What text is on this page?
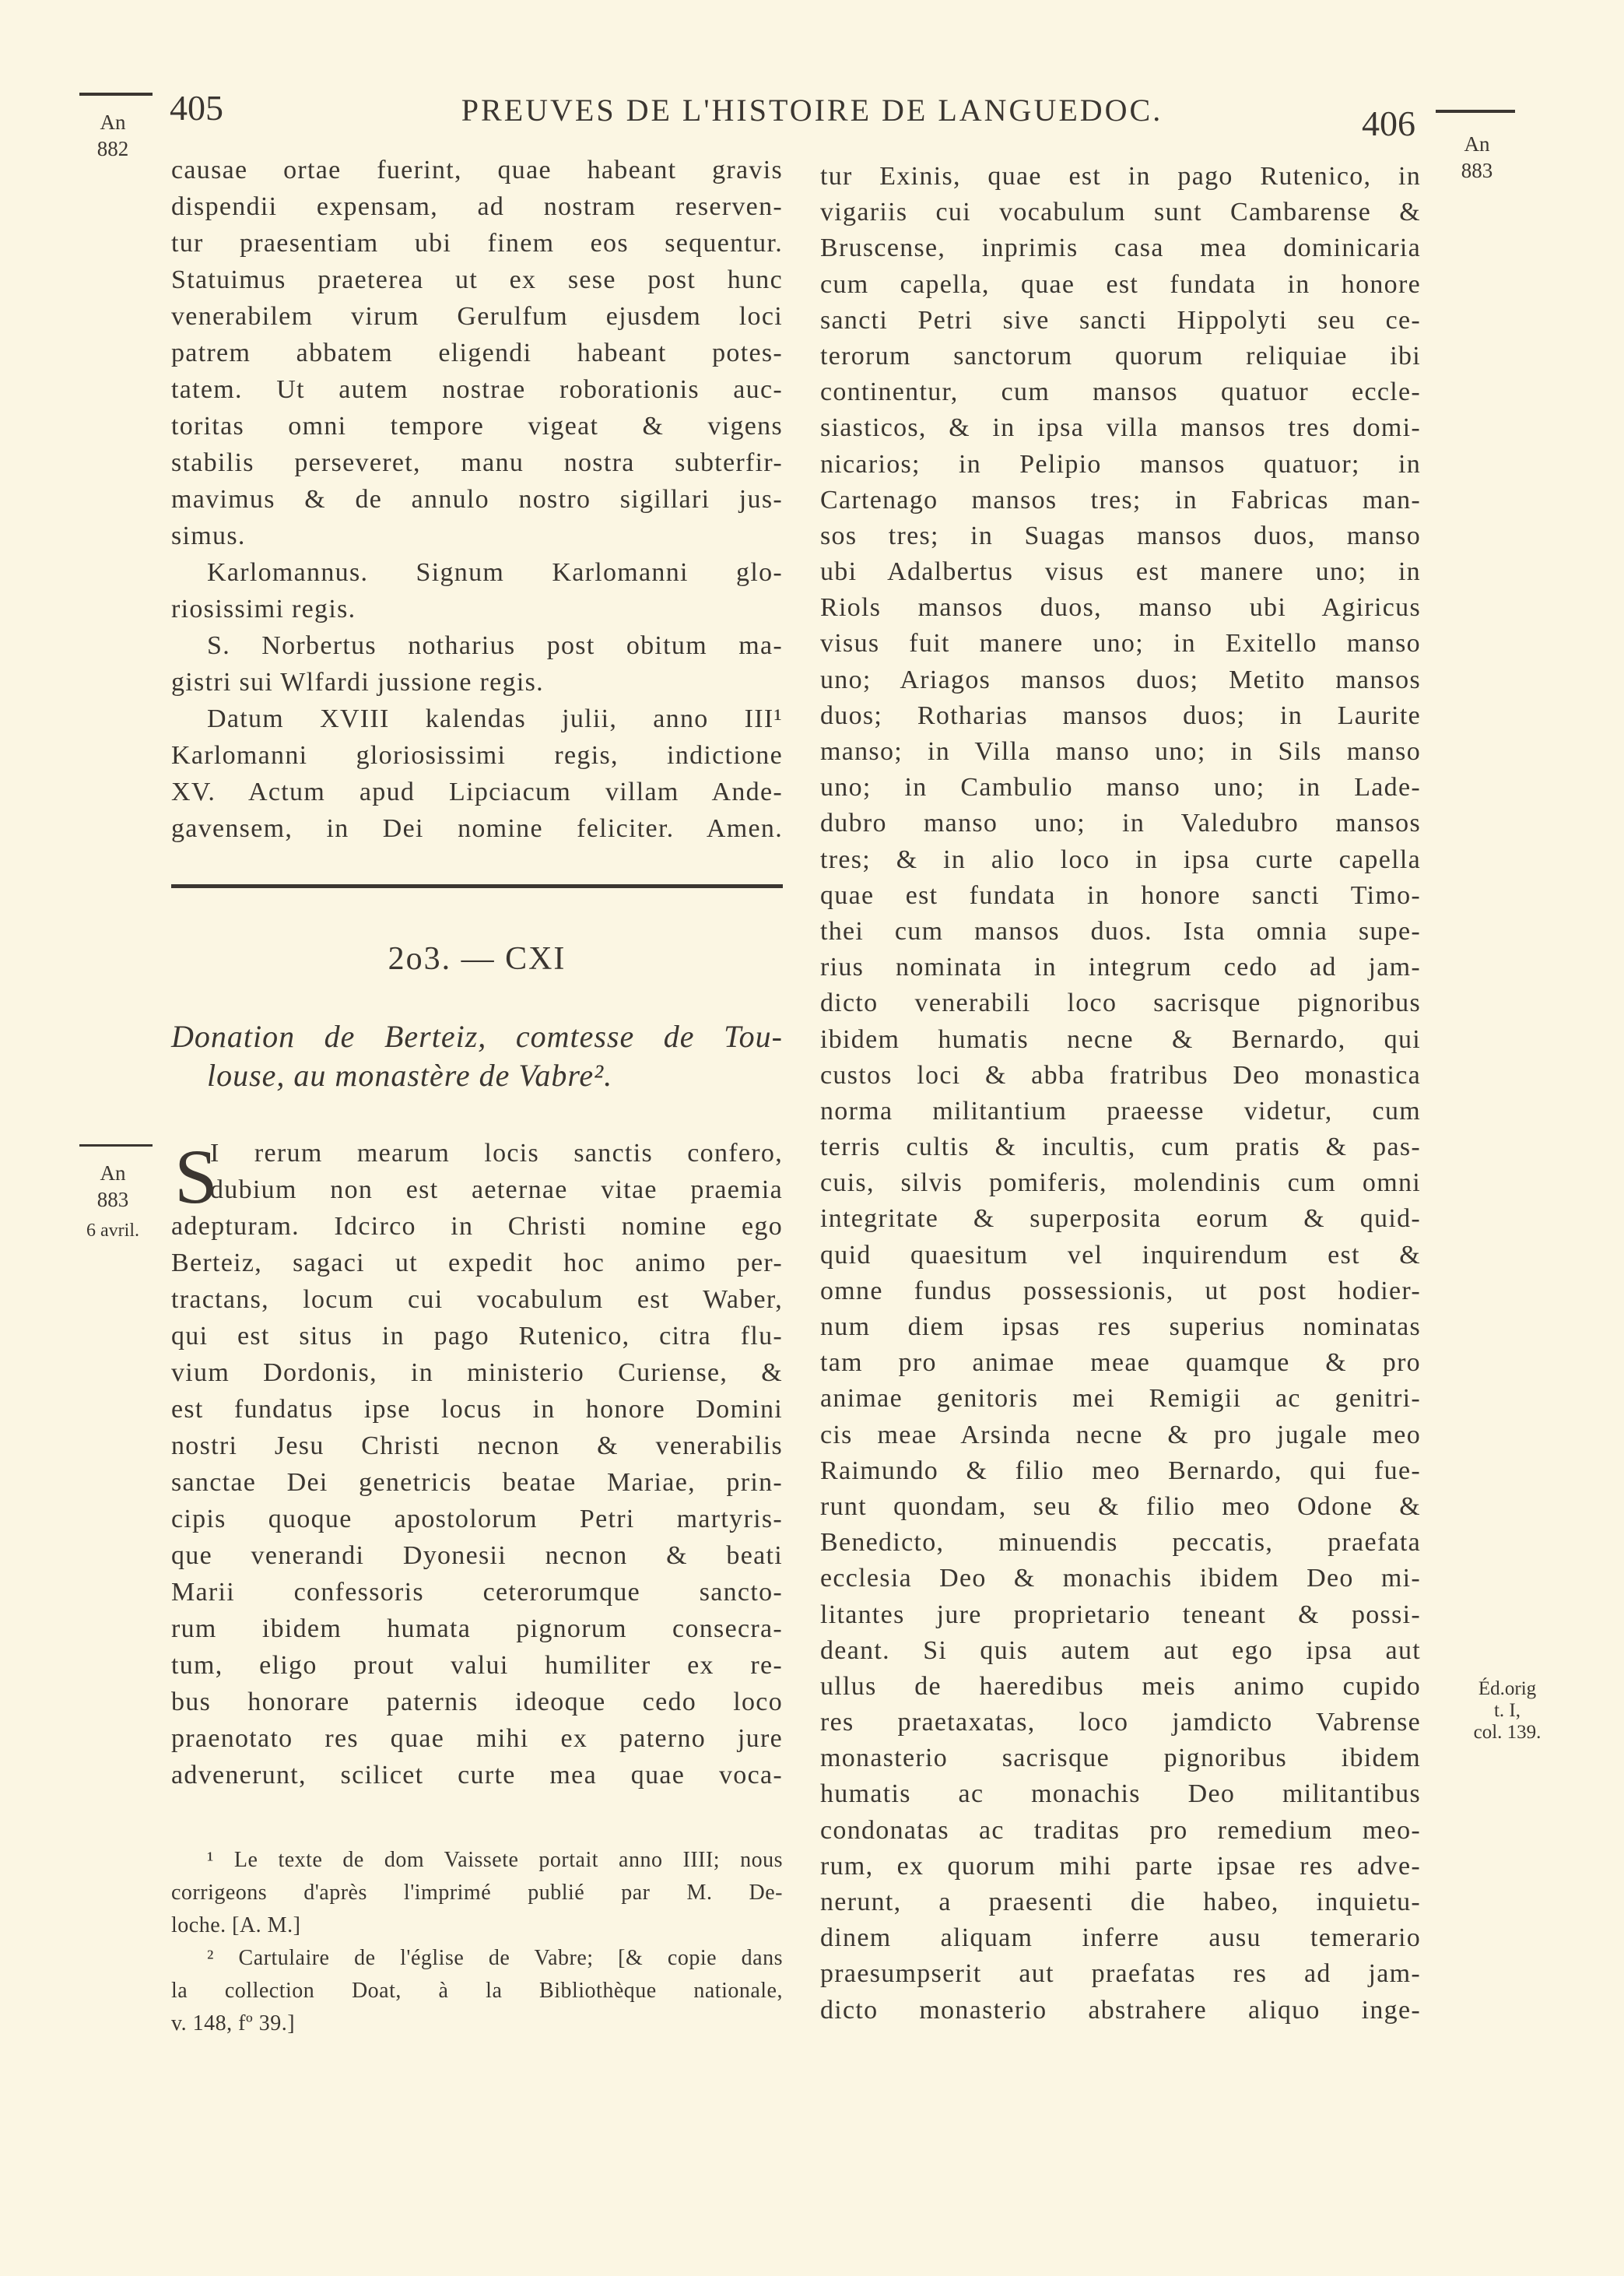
405	PREUVES DE L'HISTOIRE DE LANGUEDOC.	406
An
882	An
883
An
883
6 avril.
Éd.orig
t. I,
col. 139.
causae ortae fuerint, quae habeant gravis
dispendii expensam, ad nostram reserven-
tur praesentiam ubi finem eos sequentur.
Statuimus praeterea ut ex sese post hunc
venerabilem virum Gerulfum ejusdem loci
patrem abbatem eligendi habeant potes-
tatem. Ut autem nostrae roborationis auc-
toritas omni tempore vigeat & vigens
stabilis perseveret, manu nostra subterfir-
mavimus & de annulo nostro sigillari jus-
simus.
Karlomannus. Signum Karlomanni glo-
riosissimi regis.
S. Norbertus notharius post obitum ma-
gistri sui Wlfardi jussione regis.
Datum XVIII kalendas julii, anno III¹
Karlomanni gloriosissimi regis, indictione
XV. Actum apud Lipciacum villam Ande-
gavensem, in Dei nomine feliciter. Amen.
2o3. — CXI
Donation de Berteiz, comtesse de Tou-
louse, au monastère de Vabre².
S
I rerum mearum locis sanctis confero,
dubium non est aeternae vitae praemia
adepturam. Idcirco in Christi nomine ego
Berteiz, sagaci ut expedit hoc animo per-
tractans, locum cui vocabulum est Waber,
qui est situs in pago Rutenico, citra flu-
vium Dordonis, in ministerio Curiense, &
est fundatus ipse locus in honore Domini
nostri Jesu Christi necnon & venerabilis
sanctae Dei genetricis beatae Mariae, prin-
cipis quoque apostolorum Petri martyris-
que venerandi Dyonesii necnon & beati
Marii confessoris ceterorumque sancto-
rum ibidem humata pignorum consecra-
tum, eligo prout valui humiliter ex re-
bus honorare paternis ideoque cedo loco
praenotato res quae mihi ex paterno jure
advenerunt, scilicet curte mea quae voca-
¹ Le texte de dom Vaissete portait anno IIII; nous
corrigeons d'après l'imprimé publié par M. De-
loche. [A. M.]
² Cartulaire de l'église de Vabre; [& copie dans
la collection Doat, à la Bibliothèque nationale,
v. 148, fº 39.]
tur Exinis, quae est in pago Rutenico, in
vigariis cui vocabulum sunt Cambarense &
Bruscense, inprimis casa mea dominicaria
cum capella, quae est fundata in honore
sancti Petri sive sancti Hippolyti seu ce-
terorum sanctorum quorum reliquiae ibi
continentur, cum mansos quatuor eccle-
siasticos, & in ipsa villa mansos tres domi-
nicarios; in Pelipio mansos quatuor; in
Cartenago mansos tres; in Fabricas man-
sos tres; in Suagas mansos duos, manso
ubi Adalbertus visus est manere uno; in
Riols mansos duos, manso ubi Agiricus
visus fuit manere uno; in Exitello manso
uno; Ariagos mansos duos; Metito mansos
duos; Rotharias mansos duos; in Laurite
manso; in Villa manso uno; in Sils manso
uno; in Cambulio manso uno; in Lade-
dubro manso uno; in Valedubro mansos
tres; & in alio loco in ipsa curte capella
quae est fundata in honore sancti Timo-
thei cum mansos duos. Ista omnia supe-
rius nominata in integrum cedo ad jam-
dicto venerabili loco sacrisque pignoribus
ibidem humatis necne & Bernardo, qui
custos loci & abba fratribus Deo monastica
norma militantium praeesse videtur, cum
terris cultis & incultis, cum pratis & pas-
cuis, silvis pomiferis, molendinis cum omni
integritate & superposita eorum & quid-
quid quaesitum vel inquirendum est &
omne fundus possessionis, ut post hodier-
num diem ipsas res superius nominatas
tam pro animae meae quamque & pro
animae genitoris mei Remigii ac genitri-
cis meae Arsinda necne & pro jugale meo
Raimundo & filio meo Bernardo, qui fue-
runt quondam, seu & filio meo Odone &
Benedicto, minuendis peccatis, praefata
ecclesia Deo & monachis ibidem Deo mi-
litantes jure proprietario teneant & possi-
deant. Si quis autem aut ego ipsa aut
ullus de haeredibus meis animo cupido
res praetaxatas, loco jamdicto Vabrense
monasterio sacrisque pignoribus ibidem
humatis ac monachis Deo militantibus
condonatas ac traditas pro remedium meo-
rum, ex quorum mihi parte ipsae res adve-
nerunt, a praesenti die habeo, inquietu-
dinem aliquam inferre ausu temerario
praesumpserit aut praefatas res ad jam-
dicto monasterio abstrahere aliquo inge-
